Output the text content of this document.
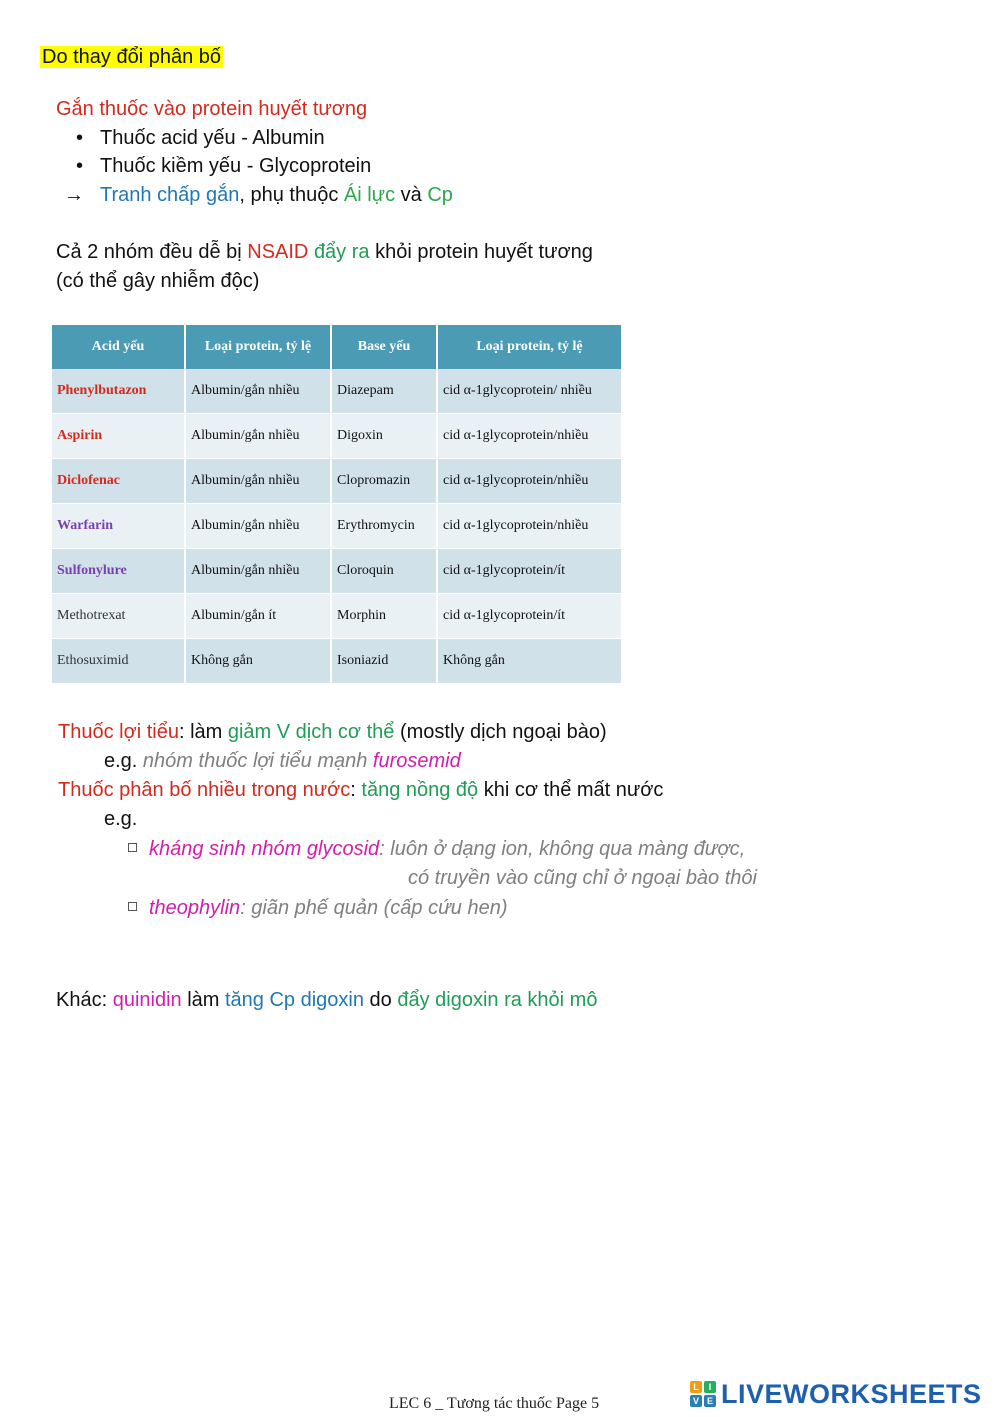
Do thay đổi phân bố
Gắn thuốc vào protein huyết tương
• Thuốc acid yếu - Albumin
• Thuốc kiềm yếu - Glycoprotein
→ Tranh chấp gắn, phụ thuộc Ái lực và Cp
Cả 2 nhóm đều dễ bị NSAID đẩy ra khỏi protein huyết tương
(có thể gây nhiễm độc)
Acid yếu	Loại protein, tỷ lệ	Base yếu	Loại protein, tỷ lệ
Phenylbutazon	Albumin/gắn nhiều	Diazepam	cid α-1glycoprotein/ nhiều
Aspirin	Albumin/gắn nhiều	Digoxin	cid α-1glycoprotein/nhiều
Diclofenac	Albumin/gắn nhiều	Clopromazin	cid α-1glycoprotein/nhiều
Warfarin	Albumin/gắn nhiều	Erythromycin	cid α-1glycoprotein/nhiều
Sulfonylure	Albumin/gắn nhiều	Cloroquin	cid α-1glycoprotein/ít
Methotrexat	Albumin/gắn ít	Morphin	cid α-1glycoprotein/ít
Ethosuximid	Không gắn	Isoniazid	Không gắn
Thuốc lợi tiểu: làm giảm V dịch cơ thể (mostly dịch ngoại bào)
e.g. nhóm thuốc lợi tiểu mạnh furosemid
Thuốc phân bố nhiều trong nước: tăng nồng độ khi cơ thể mất nước
e.g.
kháng sinh nhóm glycosid: luôn ở dạng ion, không qua màng được,
có truyền vào cũng chỉ ở ngoại bào thôi
theophylin: giãn phế quản (cấp cứu hen)
Khác: quinidin làm tăng Cp digoxin do đẩy digoxin ra khỏi mô
LEC 6 _ Tương tác thuốc Page 5
L	I
V E LIVEWORKSHEETS
